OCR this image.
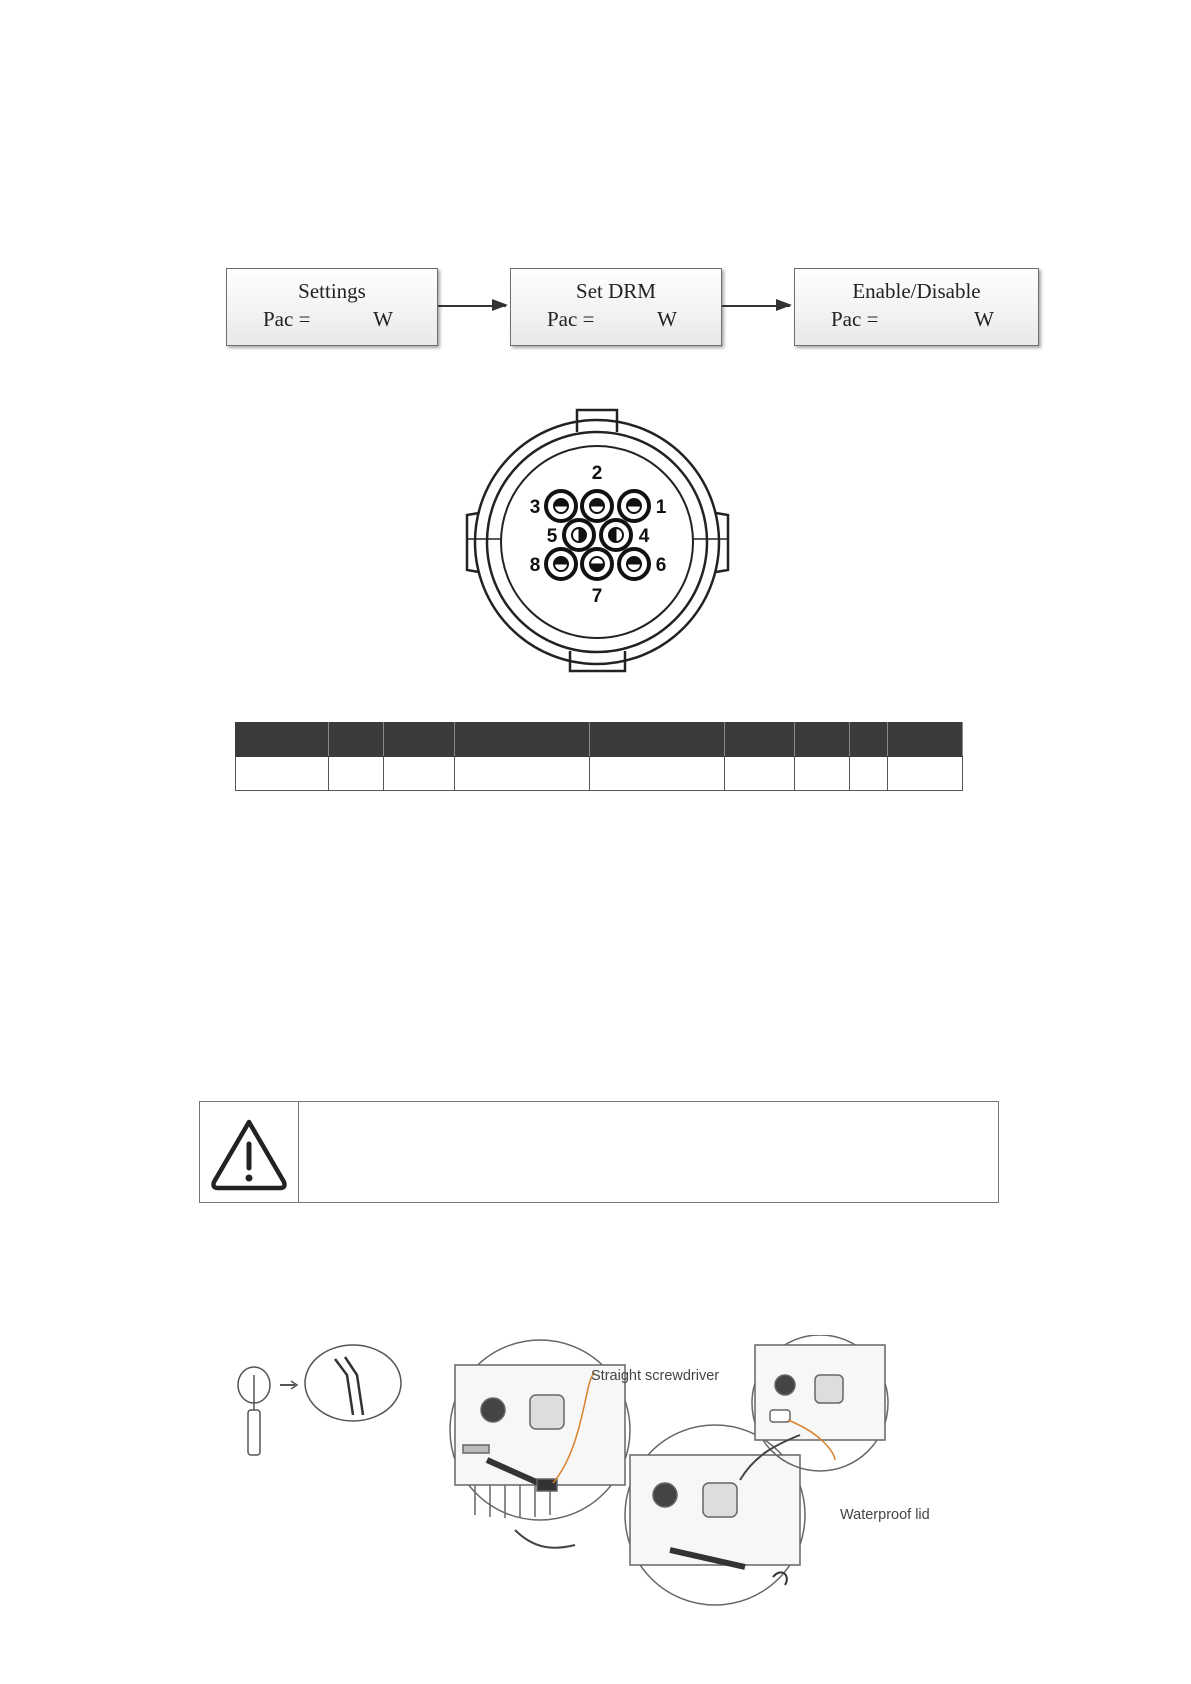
Settings
Pac =	W
Set DRM
Pac =	W
Enable/Disable
Pac =	W
2
3	1
5	4
8	6
7

Straight screwdriver
Waterproof lid
